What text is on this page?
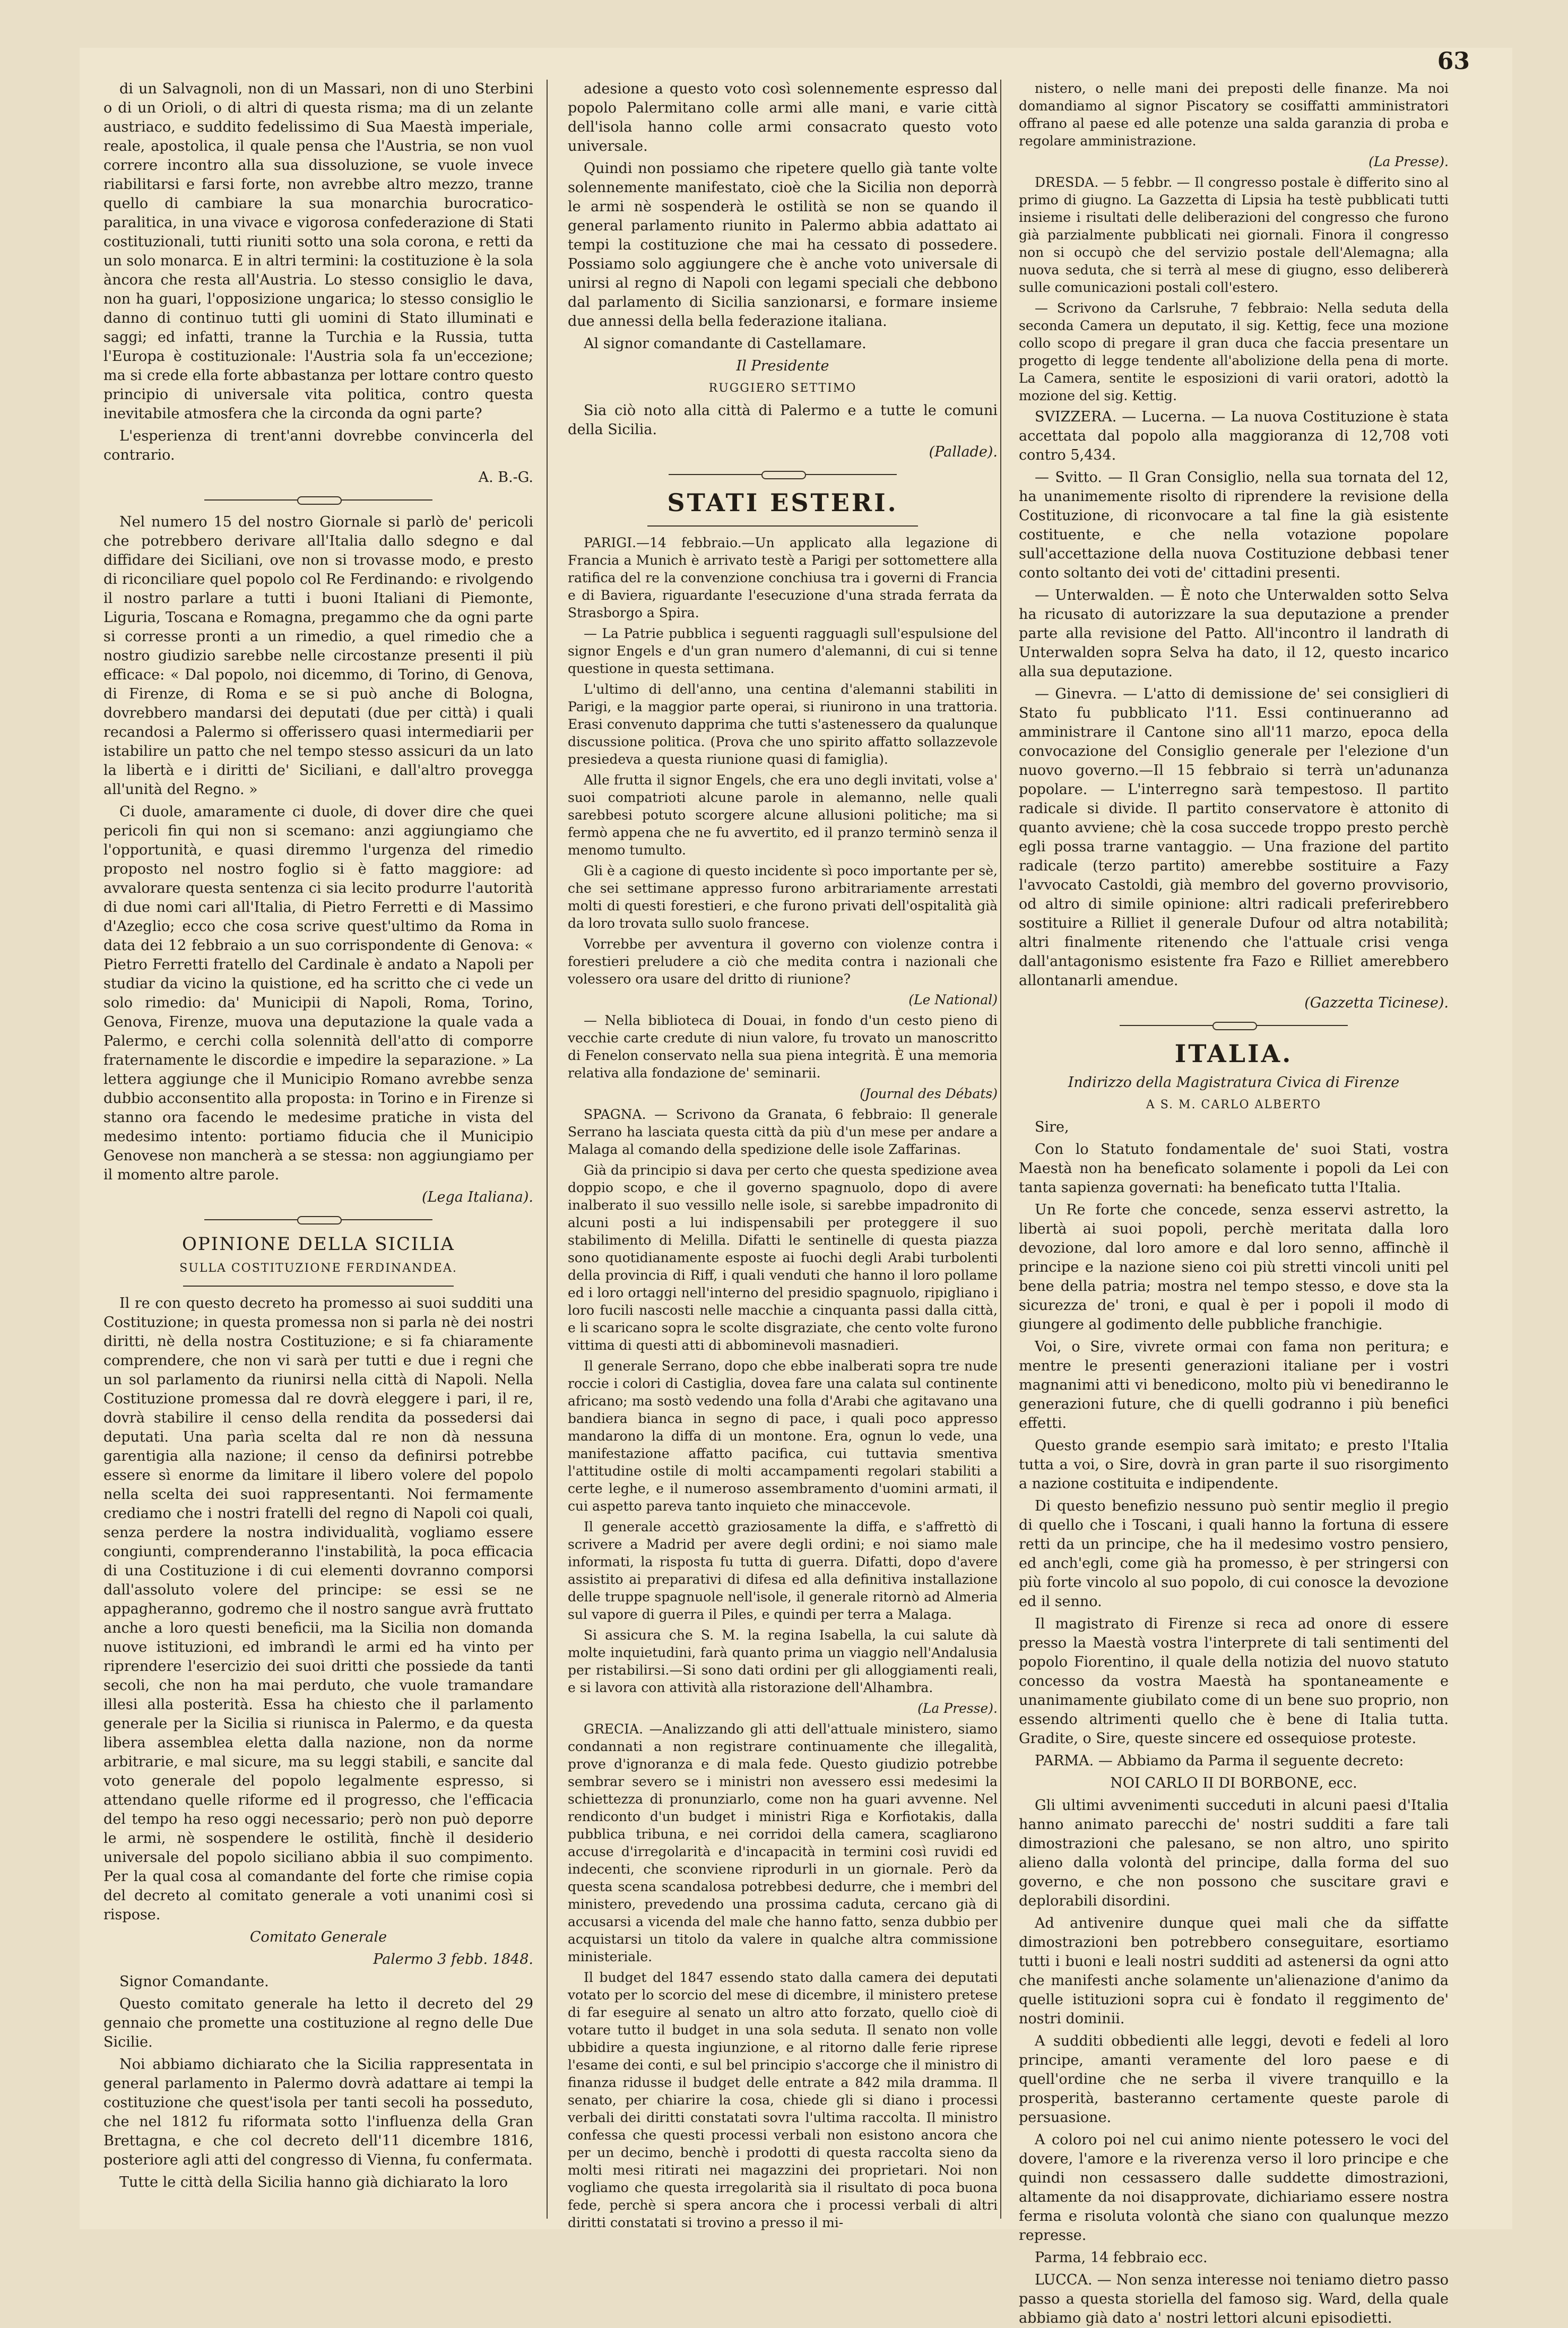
63

di un Salvagnoli, non di un Massari, non di uno Sterbini o di un Orioli, o di altri di questa risma; ma di un zelante austriaco, e suddito fedelissimo di Sua Maestà imperiale, reale, apostolica, il quale pensa che l'Austria, se non vuol correre incontro alla sua dissoluzione, se vuole invece riabilitarsi e farsi forte, non avrebbe altro mezzo, tranne quello di cambiare la sua monarchia burocratico-paralitica, in una vivace e vigorosa confederazione di Stati costituzionali, tutti riuniti sotto una sola corona, e retti da un solo monarca. E in altri termini: la costituzione è la sola àncora che resta all'Austria. Lo stesso consiglio le dava, non ha guari, l'opposizione ungarica; lo stesso consiglio le danno di continuo tutti gli uomini di Stato illuminati e saggi; ed infatti, tranne la Turchia e la Russia, tutta l'Europa è costituzionale: l'Austria sola fa un'eccezione; ma si crede ella forte abbastanza per lottare contro questo principio di universale vita politica, contro questa inevitabile atmosfera che la circonda da ogni parte?

L'esperienza di trent'anni dovrebbe convincerla del contrario.

A. B.-G.

Nel numero 15 del nostro Giornale si parlò de' pericoli che potrebbero derivare all'Italia dallo sdegno e dal diffidare dei Siciliani, ove non si trovasse modo, e presto di riconciliare quel popolo col Re Ferdinando: e rivolgendo il nostro parlare a tutti i buoni Italiani di Piemonte, Liguria, Toscana e Romagna, pregammo che da ogni parte si corresse pronti a un rimedio, a quel rimedio che a nostro giudizio sarebbe nelle circostanze presenti il più efficace: « Dal popolo, noi dicemmo, di Torino, di Genova, di Firenze, di Roma e se si può anche di Bologna, dovrebbero mandarsi dei deputati (due per città) i quali recandosi a Palermo si offerissero quasi intermediarii per istabilire un patto che nel tempo stesso assicuri da un lato la libertà e i diritti de' Siciliani, e dall'altro provegga all'unità del Regno. »

Ci duole, amaramente ci duole, di dover dire che quei pericoli fin qui non si scemano: anzi aggiungiamo che l'opportunità, e quasi diremmo l'urgenza del rimedio proposto nel nostro foglio si è fatto maggiore: ad avvalorare questa sentenza ci sia lecito produrre l'autorità di due nomi cari all'Italia, di Pietro Ferretti e di Massimo d'Azeglio; ecco che cosa scrive quest'ultimo da Roma in data dei 12 febbraio a un suo corrispondente di Genova: « Pietro Ferretti fratello del Cardinale è andato a Napoli per studiar da vicino la quistione, ed ha scritto che ci vede un solo rimedio: da' Municipii di Napoli, Roma, Torino, Genova, Firenze, muova una deputazione la quale vada a Palermo, e cerchi colla solennità dell'atto di comporre fraternamente le discordie e impedire la separazione. » La lettera aggiunge che il Municipio Romano avrebbe senza dubbio acconsentito alla proposta: in Torino e in Firenze si stanno ora facendo le medesime pratiche in vista del medesimo intento: portiamo fiducia che il Municipio Genovese non mancherà a se stessa: non aggiungiamo per il momento altre parole.

(Lega Italiana).

OPINIONE DELLA SICILIA
SULLA COSTITUZIONE FERDINANDEA.

Il re con questo decreto ha promesso ai suoi sudditi una Costituzione; in questa promessa non si parla nè dei nostri diritti, nè della nostra Costituzione; e si fa chiaramente comprendere, che non vi sarà per tutti e due i regni che un sol parlamento da riunirsi nella città di Napoli. Nella Costituzione promessa dal re dovrà eleggere i pari, il re, dovrà stabilire il censo della rendita da possedersi dai deputati. Una parìa scelta dal re non dà nessuna garentigia alla nazione; il censo da definirsi potrebbe essere sì enorme da limitare il libero volere del popolo nella scelta dei suoi rappresentanti. Noi fermamente crediamo che i nostri fratelli del regno di Napoli coi quali, senza perdere la nostra individualità, vogliamo essere congiunti, comprenderanno l'instabilità, la poca efficacia di una Costituzione i di cui elementi dovranno comporsi dall'assoluto volere del principe: se essi se ne appagheranno, godremo che il nostro sangue avrà fruttato anche a loro questi beneficii, ma la Sicilia non domanda nuove istituzioni, ed imbrandì le armi ed ha vinto per riprendere l'esercizio dei suoi dritti che possiede da tanti secoli, che non ha mai perduto, che vuole tramandare illesi alla posterità. Essa ha chiesto che il parlamento generale per la Sicilia si riunisca in Palermo, e da questa libera assemblea eletta dalla nazione, non da norme arbitrarie, e mal sicure, ma su leggi stabili, e sancite dal voto generale del popolo legalmente espresso, si attendano quelle riforme ed il progresso, che l'efficacia del tempo ha reso oggi necessario; però non può deporre le armi, nè sospendere le ostilità, finchè il desiderio universale del popolo siciliano abbia il suo compimento. Per la qual cosa al comandante del forte che rimise copia del decreto al comitato generale a voti unanimi così si rispose.

Comitato Generale

Palermo 3 febb. 1848.

Signor Comandante.

Questo comitato generale ha letto il decreto del 29 gennaio che promette una costituzione al regno delle Due Sicilie.

Noi abbiamo dichiarato che la Sicilia rappresentata in general parlamento in Palermo dovrà adattare ai tempi la costituzione che quest'isola per tanti secoli ha posseduto, che nel 1812 fu riformata sotto l'influenza della Gran Brettagna, e che col decreto dell'11 dicembre 1816, posteriore agli atti del congresso di Vienna, fu confermata.

Tutte le città della Sicilia hanno già dichiarato la loro

adesione a questo voto così solennemente espresso dal popolo Palermitano colle armi alle mani, e varie città dell'isola hanno colle armi consacrato questo voto universale.

Quindi non possiamo che ripetere quello già tante volte solennemente manifestato, cioè che la Sicilia non deporrà le armi nè sospenderà le ostilità se non se quando il general parlamento riunito in Palermo abbia adattato ai tempi la costituzione che mai ha cessato di possedere. Possiamo solo aggiungere che è anche voto universale di unirsi al regno di Napoli con legami speciali che debbono dal parlamento di Sicilia sanzionarsi, e formare insieme due annessi della bella federazione italiana.

Al signor comandante di Castellamare.

Il Presidente

RUGGIERO SETTIMO

Sia ciò noto alla città di Palermo e a tutte le comuni della Sicilia.

(Pallade).

STATI ESTERI.

PARIGI.—14 febbraio.—Un applicato alla legazione di Francia a Munich è arrivato testè a Parigi per sottomettere alla ratifica del re la convenzione conchiusa tra i governi di Francia e di Baviera, riguardante l'esecuzione d'una strada ferrata da Strasborgo a Spira.

— La Patrie pubblica i seguenti ragguagli sull'espulsione del signor Engels e d'un gran numero d'alemanni, di cui si tenne questione in questa settimana.

L'ultimo di dell'anno, una centina d'alemanni stabiliti in Parigi, e la maggior parte operai, si riunirono in una trattoria. Erasi convenuto dapprima che tutti s'astenessero da qualunque discussione politica. (Prova che uno spirito affatto sollazzevole presiedeva a questa riunione quasi di famiglia).

Alle frutta il signor Engels, che era uno degli invitati, volse a' suoi compatrioti alcune parole in alemanno, nelle quali sarebbesi potuto scorgere alcune allusioni politiche; ma si fermò appena che ne fu avvertito, ed il pranzo terminò senza il menomo tumulto.

Gli è a cagione di questo incidente sì poco importante per sè, che sei settimane appresso furono arbitrariamente arrestati molti di questi forestieri, e che furono privati dell'ospitalità già da loro trovata sullo suolo francese.

Vorrebbe per avventura il governo con violenze contra i forestieri preludere a ciò che medita contra i nazionali che volessero ora usare del dritto di riunione?

(Le National)

— Nella biblioteca di Douai, in fondo d'un cesto pieno di vecchie carte credute di niun valore, fu trovato un manoscritto di Fenelon conservato nella sua piena integrità. È una memoria relativa alla fondazione de' seminarii.

(Journal des Débats)

SPAGNA. — Scrivono da Granata, 6 febbraio: Il generale Serrano ha lasciata questa città da più d'un mese per andare a Malaga al comando della spedizione delle isole Zaffarinas.

Già da principio si dava per certo che questa spedizione avea doppio scopo, e che il governo spagnuolo, dopo di avere inalberato il suo vessillo nelle isole, si sarebbe impadronito di alcuni posti a lui indispensabili per proteggere il suo stabilimento di Melilla. Difatti le sentinelle di questa piazza sono quotidianamente esposte ai fuochi degli Arabi turbolenti della provincia di Riff, i quali venduti che hanno il loro pollame ed i loro ortaggi nell'interno del presidio spagnuolo, ripigliano i loro fucili nascosti nelle macchie a cinquanta passi dalla città, e li scaricano sopra le scolte disgraziate, che cento volte furono vittima di questi atti di abbominevoli masnadieri.

Il generale Serrano, dopo che ebbe inalberati sopra tre nude roccie i colori di Castiglia, dovea fare una calata sul continente africano; ma sostò vedendo una folla d'Arabi che agitavano una bandiera bianca in segno di pace, i quali poco appresso mandarono la diffa di un montone. Era, ognun lo vede, una manifestazione affatto pacifica, cui tuttavia smentiva l'attitudine ostile di molti accampamenti regolari stabiliti a certe leghe, e il numeroso assembramento d'uomini armati, il cui aspetto pareva tanto inquieto che minaccevole.

Il generale accettò graziosamente la diffa, e s'affrettò di scrivere a Madrid per avere degli ordini; e noi siamo male informati, la risposta fu tutta di guerra. Difatti, dopo d'avere assistito ai preparativi di difesa ed alla definitiva installazione delle truppe spagnuole nell'isole, il generale ritornò ad Almeria sul vapore di guerra il Piles, e quindi per terra a Malaga.

Si assicura che S. M. la regina Isabella, la cui salute dà molte inquietudini, farà quanto prima un viaggio nell'Andalusia per ristabilirsi.—Si sono dati ordini per gli alloggiamenti reali, e si lavora con attività alla ristorazione dell'Alhambra.

(La Presse).

GRECIA. —Analizzando gli atti dell'attuale ministero, siamo condannati a non registrare continuamente che illegalità, prove d'ignoranza e di mala fede. Questo giudizio potrebbe sembrar severo se i ministri non avessero essi medesimi la schiettezza di pronunziarlo, come non ha guari avvenne. Nel rendiconto d'un budget i ministri Riga e Korfiotakis, dalla pubblica tribuna, e nei corridoi della camera, scagliarono accuse d'irregolarità e d'incapacità in termini così ruvidi ed indecenti, che sconviene riprodurli in un giornale. Però da questa scena scandalosa potrebbesi dedurre, che i membri del ministero, prevedendo una prossima caduta, cercano già di accusarsi a vicenda del male che hanno fatto, senza dubbio per acquistarsi un titolo da valere in qualche altra commissione ministeriale.

Il budget del 1847 essendo stato dalla camera dei deputati votato per lo scorcio del mese di dicembre, il ministero pretese di far eseguire al senato un altro atto forzato, quello cioè di votare tutto il budget in una sola seduta. Il senato non volle ubbidire a questa ingiunzione, e al ritorno dalle ferie riprese l'esame dei conti, e sul bel principio s'accorge che il ministro di finanza ridusse il budget delle entrate a 842 mila dramma. Il senato, per chiarire la cosa, chiede gli si diano i processi verbali dei diritti constatati sovra l'ultima raccolta. Il ministro confessa che questi processi verbali non esistono ancora che per un decimo, benchè i prodotti di questa raccolta sieno da molti mesi ritirati nei magazzini dei proprietari. Noi non vogliamo che questa irregolarità sia il risultato di poca buona fede, perchè si spera ancora che i processi verbali di altri diritti constatati si trovino a presso il mi-

nistero, o nelle mani dei preposti delle finanze. Ma noi domandiamo al signor Piscatory se cosiffatti amministratori offrano al paese ed alle potenze una salda garanzia di proba e regolare amministrazione.

(La Presse).

DRESDA. — 5 febbr. — Il congresso postale è differito sino al primo di giugno. La Gazzetta di Lipsia ha testè pubblicati tutti insieme i risultati delle deliberazioni del congresso che furono già parzialmente pubblicati nei giornali. Finora il congresso non si occupò che del servizio postale dell'Alemagna; alla nuova seduta, che si terrà al mese di giugno, esso delibererà sulle comunicazioni postali coll'estero.

— Scrivono da Carlsruhe, 7 febbraio: Nella seduta della seconda Camera un deputato, il sig. Kettig, fece una mozione collo scopo di pregare il gran duca che faccia presentare un progetto di legge tendente all'abolizione della pena di morte. La Camera, sentite le esposizioni di varii oratori, adottò la mozione del sig. Kettig.

SVIZZERA. — Lucerna. — La nuova Costituzione è stata accettata dal popolo alla maggioranza di 12,708 voti contro 5,434.

— Svitto. — Il Gran Consiglio, nella sua tornata del 12, ha unanimemente risolto di riprendere la revisione della Costituzione, di riconvocare a tal fine la già esistente costituente, e che nella votazione popolare sull'accettazione della nuova Costituzione debbasi tener conto soltanto dei voti de' cittadini presenti.

— Unterwalden. — È noto che Unterwalden sotto Selva ha ricusato di autorizzare la sua deputazione a prender parte alla revisione del Patto. All'incontro il landrath di Unterwalden sopra Selva ha dato, il 12, questo incarico alla sua deputazione.

— Ginevra. — L'atto di demissione de' sei consiglieri di Stato fu pubblicato l'11. Essi continueranno ad amministrare il Cantone sino all'11 marzo, epoca della convocazione del Consiglio generale per l'elezione d'un nuovo governo.—Il 15 febbraio si terrà un'adunanza popolare. — L'interregno sarà tempestoso. Il partito radicale si divide. Il partito conservatore è attonito di quanto avviene; chè la cosa succede troppo presto perchè egli possa trarne vantaggio. — Una frazione del partito radicale (terzo partito) amerebbe sostituire a Fazy l'avvocato Castoldi, già membro del governo provvisorio, od altro di simile opinione: altri radicali preferirebbero sostituire a Rilliet il generale Dufour od altra notabilità; altri finalmente ritenendo che l'attuale crisi venga dall'antagonismo esistente fra Fazo e Rilliet amerebbero allontanarli amendue.

(Gazzetta Ticinese).

ITALIA.

Indirizzo della Magistratura Civica di Firenze

A S. M. CARLO ALBERTO

Sire,

Con lo Statuto fondamentale de' suoi Stati, vostra Maestà non ha beneficato solamente i popoli da Lei con tanta sapienza governati: ha beneficato tutta l'Italia.

Un Re forte che concede, senza esservi astretto, la libertà ai suoi popoli, perchè meritata dalla loro devozione, dal loro amore e dal loro senno, affinchè il principe e la nazione sieno coi più stretti vincoli uniti pel bene della patria; mostra nel tempo stesso, e dove sta la sicurezza de' troni, e qual è per i popoli il modo di giungere al godimento delle pubbliche franchigie.

Voi, o Sire, vivrete ormai con fama non peritura; e mentre le presenti generazioni italiane per i vostri magnanimi atti vi benedicono, molto più vi benediranno le generazioni future, che di quelli godranno i più benefici effetti.

Questo grande esempio sarà imitato; e presto l'Italia tutta a voi, o Sire, dovrà in gran parte il suo risorgimento a nazione costituita e indipendente.

Di questo benefizio nessuno può sentir meglio il pregio di quello che i Toscani, i quali hanno la fortuna di essere retti da un principe, che ha il medesimo vostro pensiero, ed anch'egli, come già ha promesso, è per stringersi con più forte vincolo al suo popolo, di cui conosce la devozione ed il senno.

Il magistrato di Firenze si reca ad onore di essere presso la Maestà vostra l'interprete di tali sentimenti del popolo Fiorentino, il quale della notizia del nuovo statuto concesso da vostra Maestà ha spontaneamente e unanimamente giubilato come di un bene suo proprio, non essendo altrimenti quello che è bene di Italia tutta. Gradite, o Sire, queste sincere ed ossequiose proteste.

PARMA. — Abbiamo da Parma il seguente decreto:

NOI CARLO II DI BORBONE, ecc.

Gli ultimi avvenimenti succeduti in alcuni paesi d'Italia hanno animato parecchi de' nostri sudditi a fare tali dimostrazioni che palesano, se non altro, uno spirito alieno dalla volontà del principe, dalla forma del suo governo, e che non possono che suscitare gravi e deplorabili disordini.

Ad antivenire dunque quei mali che da siffatte dimostrazioni ben potrebbero conseguitare, esortiamo tutti i buoni e leali nostri sudditi ad astenersi da ogni atto che manifesti anche solamente un'alienazione d'animo da quelle istituzioni sopra cui è fondato il reggimento de' nostri dominii.

A sudditi obbedienti alle leggi, devoti e fedeli al loro principe, amanti veramente del loro paese e di quell'ordine che ne serba il vivere tranquillo e la prosperità, basteranno certamente queste parole di persuasione.

A coloro poi nel cui animo niente potessero le voci del dovere, l'amore e la riverenza verso il loro principe e che quindi non cessassero dalle suddette dimostrazioni, altamente da noi disapprovate, dichiariamo essere nostra ferma e risoluta volontà che siano con qualunque mezzo represse.

Parma, 14 febbraio ecc.

LUCCA. — Non senza interesse noi teniamo dietro passo passo a questa storiella del famoso sig. Ward, della quale abbiamo già dato a' nostri lettori alcuni episodietti.
